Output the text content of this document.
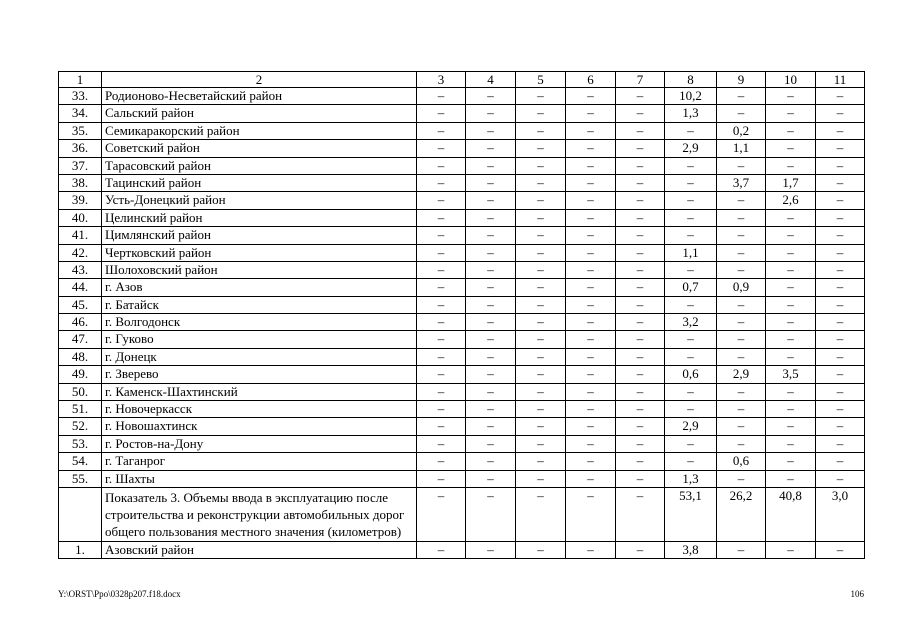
1	2	3	4	5	6	7	8	9	10	11
33.	Родионово-Несветайский район	–	–	–	–	–	10,2	–	–	–
34.	Сальский район	–	–	–	–	–	1,3	–	–	–
35.	Семикаракорский район	–	–	–	–	–	–	0,2	–	–
36.	Советский район	–	–	–	–	–	2,9	1,1	–	–
37.	Тарасовский район	–	–	–	–	–	–	–	–	–
38.	Тацинский район	–	–	–	–	–	–	3,7	1,7	–
39.	Усть-Донецкий район	–	–	–	–	–	–	–	2,6	–
40.	Целинский район	–	–	–	–	–	–	–	–	–
41.	Цимлянский район	–	–	–	–	–	–	–	–	–
42.	Чертковский район	–	–	–	–	–	1,1	–	–	–
43.	Шолоховский район	–	–	–	–	–	–	–	–	–
44.	г. Азов	–	–	–	–	–	0,7	0,9	–	–
45.	г. Батайск	–	–	–	–	–	–	–	–	–
46.	г. Волгодонск	–	–	–	–	–	3,2	–	–	–
47.	г. Гуково	–	–	–	–	–	–	–	–	–
48.	г. Донецк	–	–	–	–	–	–	–	–	–
49.	г. Зверево	–	–	–	–	–	0,6	2,9	3,5	–
50.	г. Каменск-Шахтинский	–	–	–	–	–	–	–	–	–
51.	г. Новочеркасск	–	–	–	–	–	–	–	–	–
52.	г. Новошахтинск	–	–	–	–	–	2,9	–	–	–
53.	г. Ростов-на-Дону	–	–	–	–	–	–	–	–	–
54.	г. Таганрог	–	–	–	–	–	–	0,6	–	–
55.	г. Шахты	–	–	–	–	–	1,3	–	–	–
	Показатель 3. Объемы ввода в эксплуатацию после строительства и реконструкции автомобильных дорог общего пользования местного значения (километров)	–	–	–	–	–	53,1	26,2	40,8	3,0
1.	Азовский район	–	–	–	–	–	3,8	–	–	–
Y:\ORST\Ppo\0328p207.f18.docx	106
